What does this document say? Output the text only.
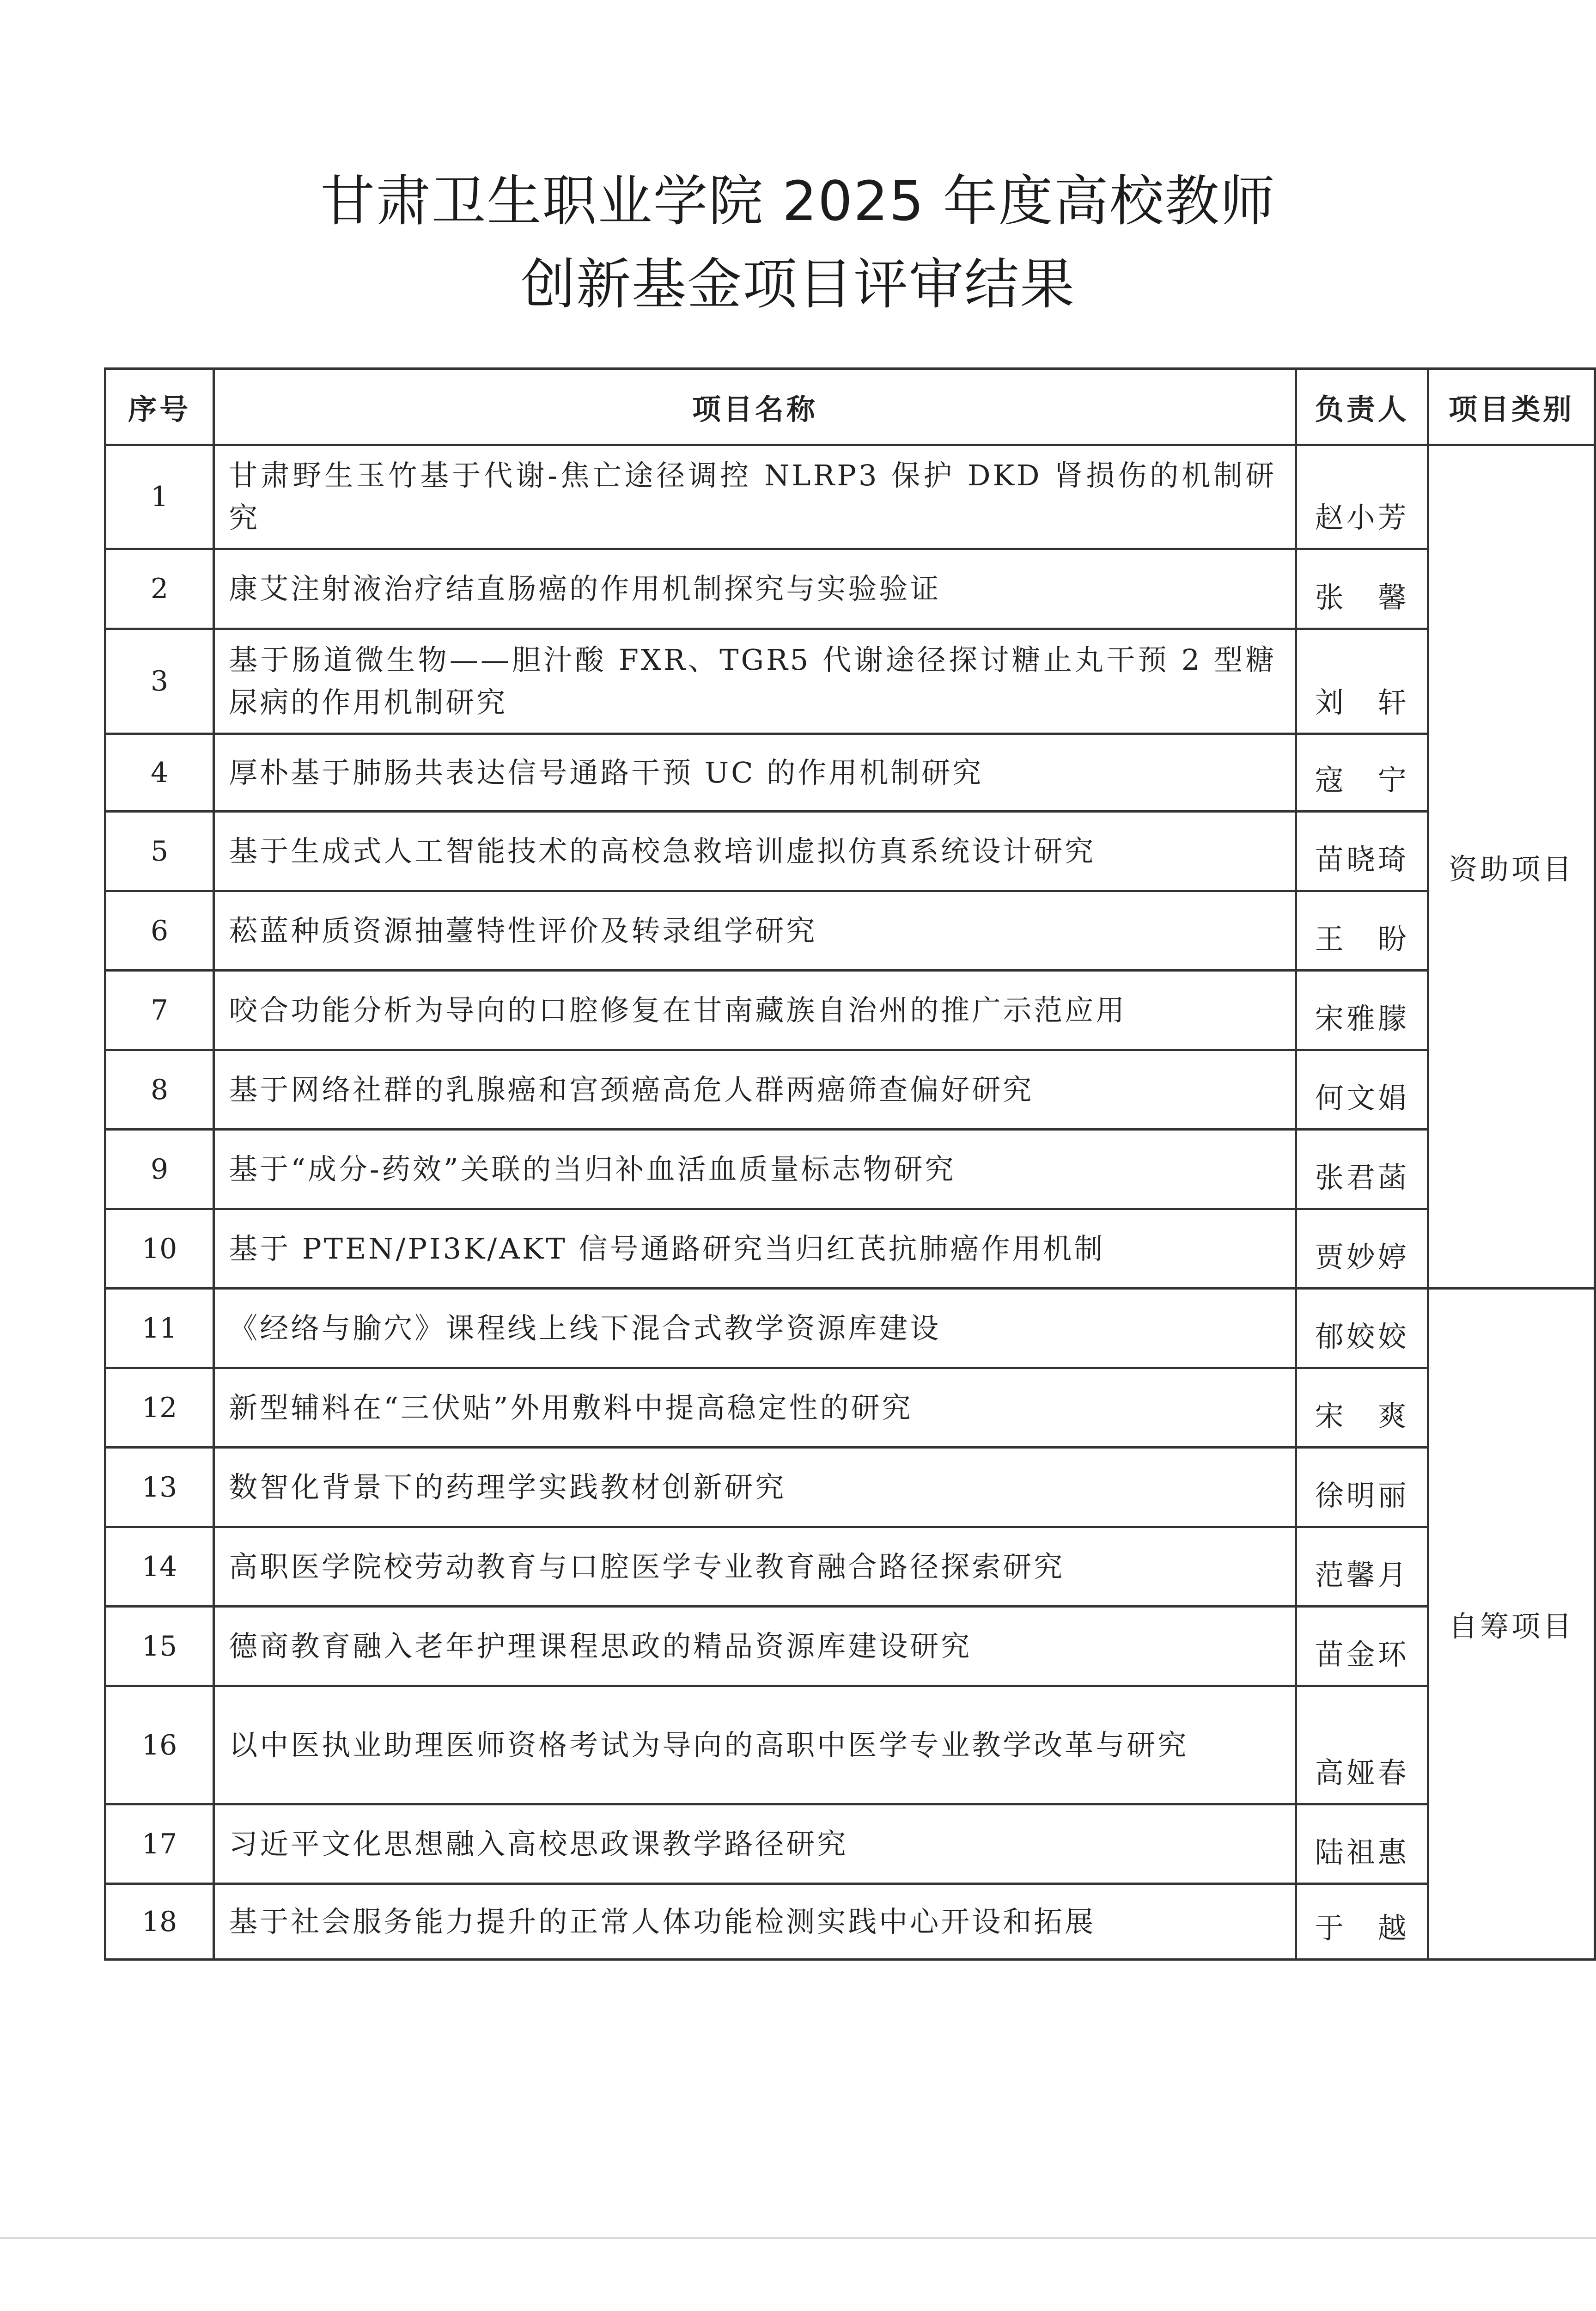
甘肃卫生职业学院 2025 年度高校教师
创新基金项目评审结果
序号	项目名称	负责人	项目类别
1	甘肃野生玉竹基于代谢-焦亡途径调控 NLRP3 保护 DKD 肾损伤的机制研究	赵小芳	资助项目
2	康艾注射液治疗结直肠癌的作用机制探究与实验验证	张　馨	
3	基于肠道微生物——胆汁酸 FXR、TGR5 代谢途径探讨糖止丸干预 2 型糖尿病的作用机制研究	刘　轩	
4	厚朴基于肺肠共表达信号通路干预 UC 的作用机制研究	寇　宁	
5	基于生成式人工智能技术的高校急救培训虚拟仿真系统设计研究	苗晓琦	
6	菘蓝种质资源抽薹特性评价及转录组学研究	王　盼	
7	咬合功能分析为导向的口腔修复在甘南藏族自治州的推广示范应用	宋雅朦	
8	基于网络社群的乳腺癌和宫颈癌高危人群两癌筛查偏好研究	何文娟	
9	基于“成分-药效”关联的当归补血活血质量标志物研究	张君菡	
10	基于 PTEN/PI3K/AKT 信号通路研究当归红芪抗肺癌作用机制	贾妙婷	
11	《经络与腧穴》课程线上线下混合式教学资源库建设	郁姣姣	自筹项目
12	新型辅料在“三伏贴”外用敷料中提高稳定性的研究	宋　爽	
13	数智化背景下的药理学实践教材创新研究	徐明丽	
14	高职医学院校劳动教育与口腔医学专业教育融合路径探索研究	范馨月	
15	德商教育融入老年护理课程思政的精品资源库建设研究	苗金环	
16	以中医执业助理医师资格考试为导向的高职中医学专业教学改革与研究	高娅春	
17	习近平文化思想融入高校思政课教学路径研究	陆祖惠	
18	基于社会服务能力提升的正常人体功能检测实践中心开设和拓展	于　越	
